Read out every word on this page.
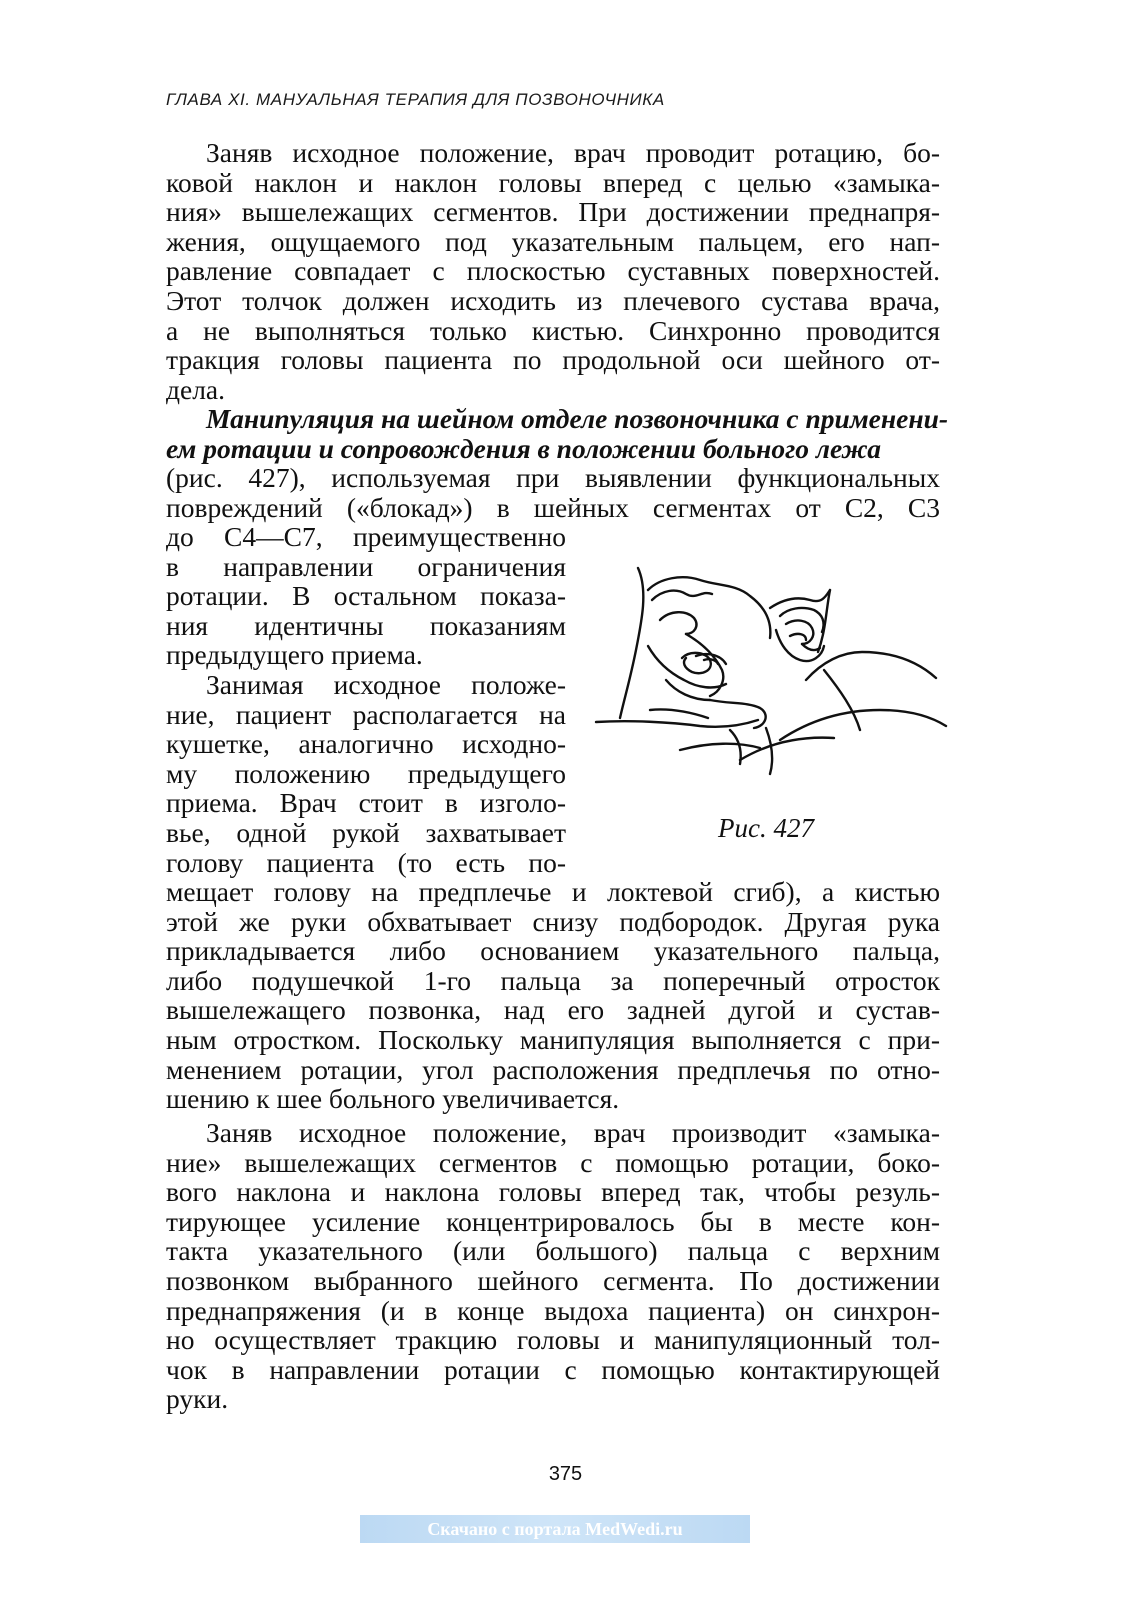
ГЛАВА XI. МАНУАЛЬНАЯ ТЕРАПИЯ ДЛЯ ПОЗВОНОЧНИКА
Заняв исходное положение, врач проводит ротацию, бо-
ковой наклон и наклон головы вперед с целью «замыка-
ния» вышележащих сегментов. При достижении преднапря-
жения, ощущаемого под указательным пальцем, его нап-
равление совпадает с плоскостью суставных поверхностей.
Этот толчок должен исходить из плечевого сустава врача,
а не выполняться только кистью. Синхронно проводится
тракция головы пациента по продольной оси шейного от-
дела.
Манипуляция на шейном отделе позвоночника с применени-
ем ротации и сопровождения в положении больного лежа
(рис. 427), используемая при выявлении функциональных
повреждений («блокад») в шейных сегментах от С2, С3
до С4—С7, преимущественно
в направлении ограничения
ротации. В остальном показа-
ния идентичны показаниям
предыдущего приема.
Занимая исходное положе-
ние, пациент располагается на
кушетке, аналогично исходно-
му положению предыдущего
приема. Врач стоит в изголо-
вье, одной рукой захватывает
голову пациента (то есть по-
мещает голову на предплечье и локтевой сгиб), а кистью
этой же руки обхватывает снизу подбородок. Другая рука
прикладывается либо основанием указательного пальца,
либо подушечкой 1-го пальца за поперечный отросток
вышележащего позвонка, над его задней дугой и сустав-
ным отростком. Поскольку манипуляция выполняется с при-
менением ротации, угол расположения предплечья по отно-
шению к шее больного увеличивается.
Заняв исходное положение, врач производит «замыка-
ние» вышележащих сегментов с помощью ротации, боко-
вого наклона и наклона головы вперед так, чтобы резуль-
тирующее усиление концентрировалось бы в месте кон-
такта указательного (или большого) пальца с верхним
позвонком выбранного шейного сегмента. По достижении
преднапряжения (и в конце выдоха пациента) он синхрон-
но осуществляет тракцию головы и манипуляционный тол-
чок в направлении ротации с помощью контактирующей
руки.
Рис. 427
375
Скачано с портала MedWedi.ru
